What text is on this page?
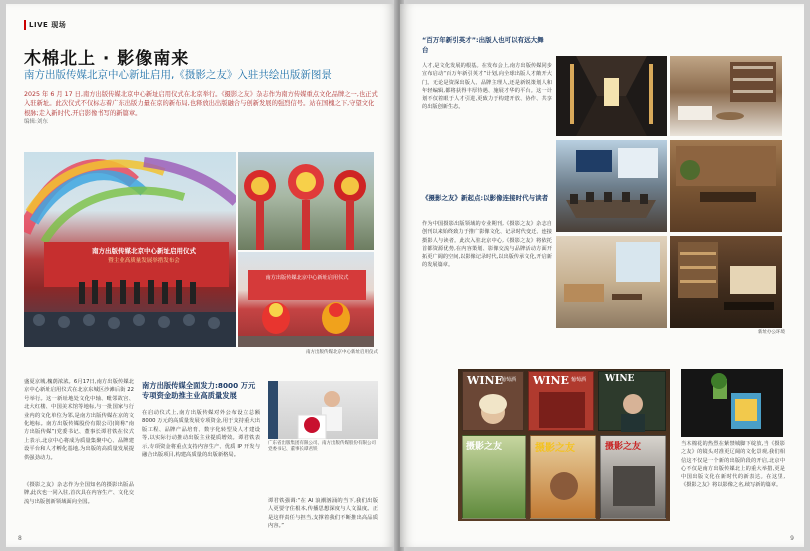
LIVE 现场
木棉北上 · 影像南来
南方出版传媒北京中心新址启用,《摄影之友》入驻共绘出版新图景
2025 年 6 月 17 日,南方出版传媒北京中心新址启用仪式在北京举行。《摄影之友》杂志作为南方传媒重点文化品牌之一,也正式入驻新址。此次仪式不仅标志着广东出版力量在京的新布局,也释放出出版融合与创新发展的强烈信号。站在国槐之下,守望文化根脉;走入新时代,开启影像书写的新篇章。
编辑:刘东
南方出版传媒北京中心新址启用仪式
暨主业高质量发展举措发布会
南方出版传媒北京中心新址启用仪式
南方出版传媒北京中心新址启用仪式
盛夏京城,槐荫浓浓。6月17日,南方出版传媒北京中心新址启用仪式在北京东城区沙滩后街 22 号举行。这一新址地处文化中轴、毗邻故宫、北大红楼、中国美术馆等地标,与一批国家与行业内的文化单位为邻,是南方出版传媒在京的文化地标。南方出版传媒股份有限公司(简称“南方出版传媒”)党委书记、董事长谭君铁在仪式上表示,北京中心将成为质量集聚中心、品牌建设平台和人才孵化基地,为出版的高质量发展提供强劲动力。
《摄影之友》杂志作为全国知名的摄影出版品牌,此次也一同入驻,首次具在内容生产、文化交流与出版创新领域面向全国。
南方出版传媒全面发力:8000 万元专项资金助推主业高质量发展
在启动仪式上,南方出版传媒对外公布设立总额 8000 万元的高质量发展专项资金,用于支持重大出版工程、品牌产品培育、数字化转型及人才建设等,以实际行动推动出版主业提质增效。谭君铁表示,专项资金将重点支持内容生产、优质 IP 开发与融合出版项目,构建高质量的出版新格局。
广东省出版集团有限公司、南方出版传媒股份有限公司党委书记、董事长谭君铁
谭君铁强调:“在 AI 浪潮汹涌的当下,我们出版人更要守住根本,传播思想深度与人文温度。正是这样责任与担当,支撑着我们不断推出高品质内容。”
8
“百万年新引英才”:出版人也可以有远大舞台
人才,是文化发展的根基。在发布会上,南方出版传媒同步宣布启动“百万年新引英才”计划,向全球出版人才敞开大门。无论是资深出版人、品牌主理人,还是新锐策划人和年轻编辑,都将获得丰厚待遇、施展才华的平台。这一计划不仅着眼于人才引进,更致力于构建开放、协作、共享的出版创新生态。
《摄影之友》新起点:以影像连接时代与读者
作为中国摄影出版领域的专业期刊,《摄影之友》杂志自创刊以来始终致力于推广影像文化、记录时代变迁、连接摄影人与读者。此次入驻北京中心,《摄影之友》将依托首都资源优势,在内容策划、影像交流与品牌活动方面开拓更广阔的空间,以影像记录时代,以出版传承文化,开启新的发展篇章。
新址办公环境
WINE
葡萄酒 WINE 葡萄酒 WINE
摄影之友	摄影之友	摄影之友	当木棉花的热烈在紫禁城脚下绽放,当《摄影之友》的镜头对准更辽阔的文化景观,我们相信这不仅是一个新的出版阶段的开启,北京中心不仅是南方出版传媒北上的重大举措,更是中国出版文化在新时代的新表达。在这里,《摄影之友》将以影像之名,续写新的篇章。
9
